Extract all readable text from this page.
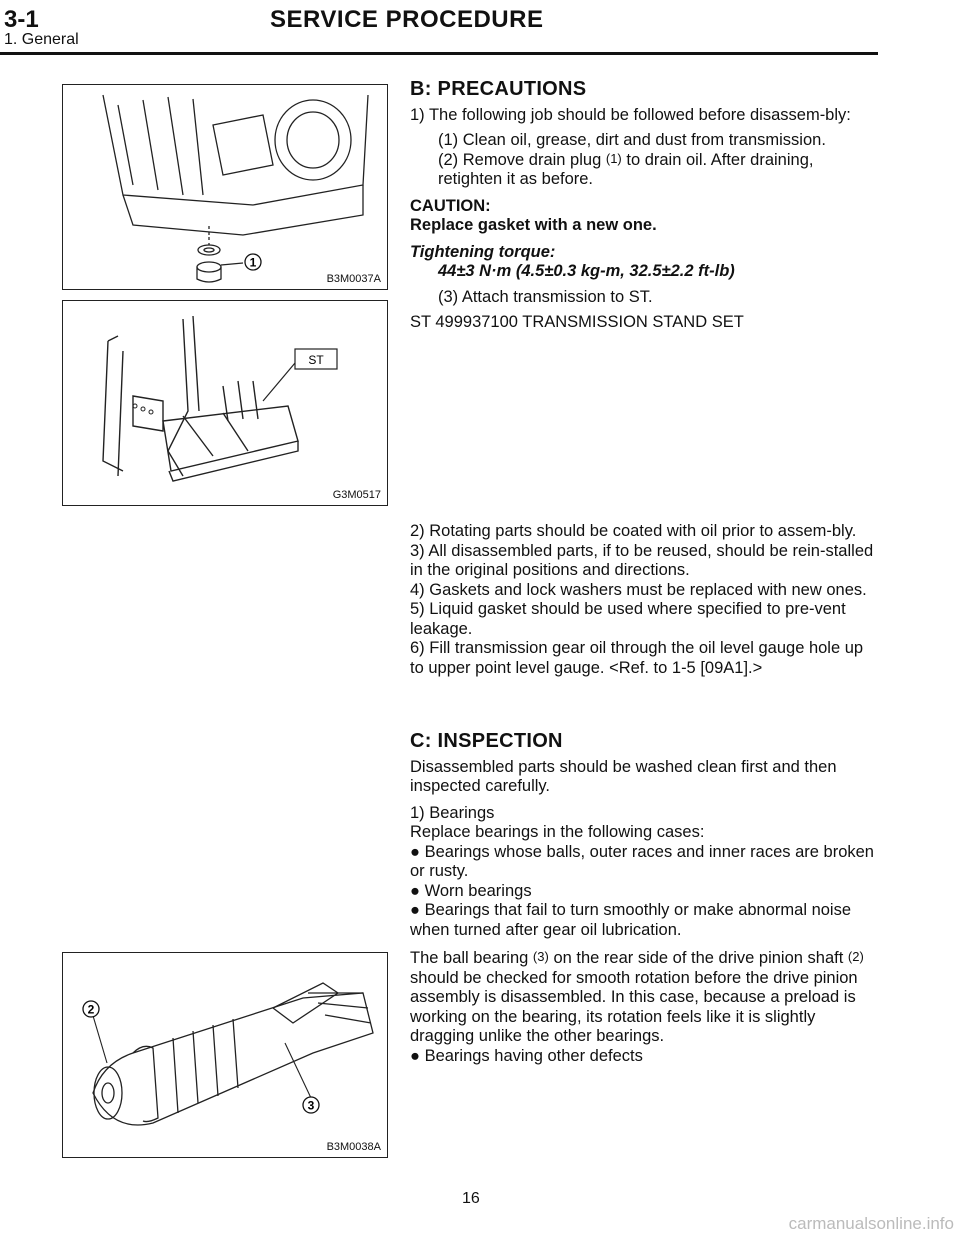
3-1	SERVICE PROCEDURE
1. General
1
B3M0037A
ST
G3M0517
2
3
B3M0038A

B: PRECAUTIONS

1) The following job should be followed before disassem-bly:

(1) Clean oil, grease, dirt and dust from transmission.

(2) Remove drain plug (1) to drain oil. After draining, retighten it as before.

CAUTION:

Replace gasket with a new one.

Tightening torque:

44±3 N·m (4.5±0.3 kg-m, 32.5±2.2 ft-lb)

(3) Attach transmission to ST.

ST 499937100 TRANSMISSION STAND SET

2) Rotating parts should be coated with oil prior to assem-bly.

3) All disassembled parts, if to be reused, should be rein-stalled in the original positions and directions.

4) Gaskets and lock washers must be replaced with new ones.

5) Liquid gasket should be used where specified to pre-vent leakage.

6) Fill transmission gear oil through the oil level gauge hole up to upper point level gauge. <Ref. to 1-5 [09A1].>

C: INSPECTION

Disassembled parts should be washed clean first and then inspected carefully.

1) Bearings

Replace bearings in the following cases:

● Bearings whose balls, outer races and inner races are broken or rusty.

● Worn bearings

● Bearings that fail to turn smoothly or make abnormal noise when turned after gear oil lubrication.

The ball bearing (3) on the rear side of the drive pinion shaft (2) should be checked for smooth rotation before the drive pinion assembly is disassembled. In this case, because a preload is working on the bearing, its rotation feels like it is slightly dragging unlike the other bearings.

● Bearings having other defects

16
carmanualsonline.info
